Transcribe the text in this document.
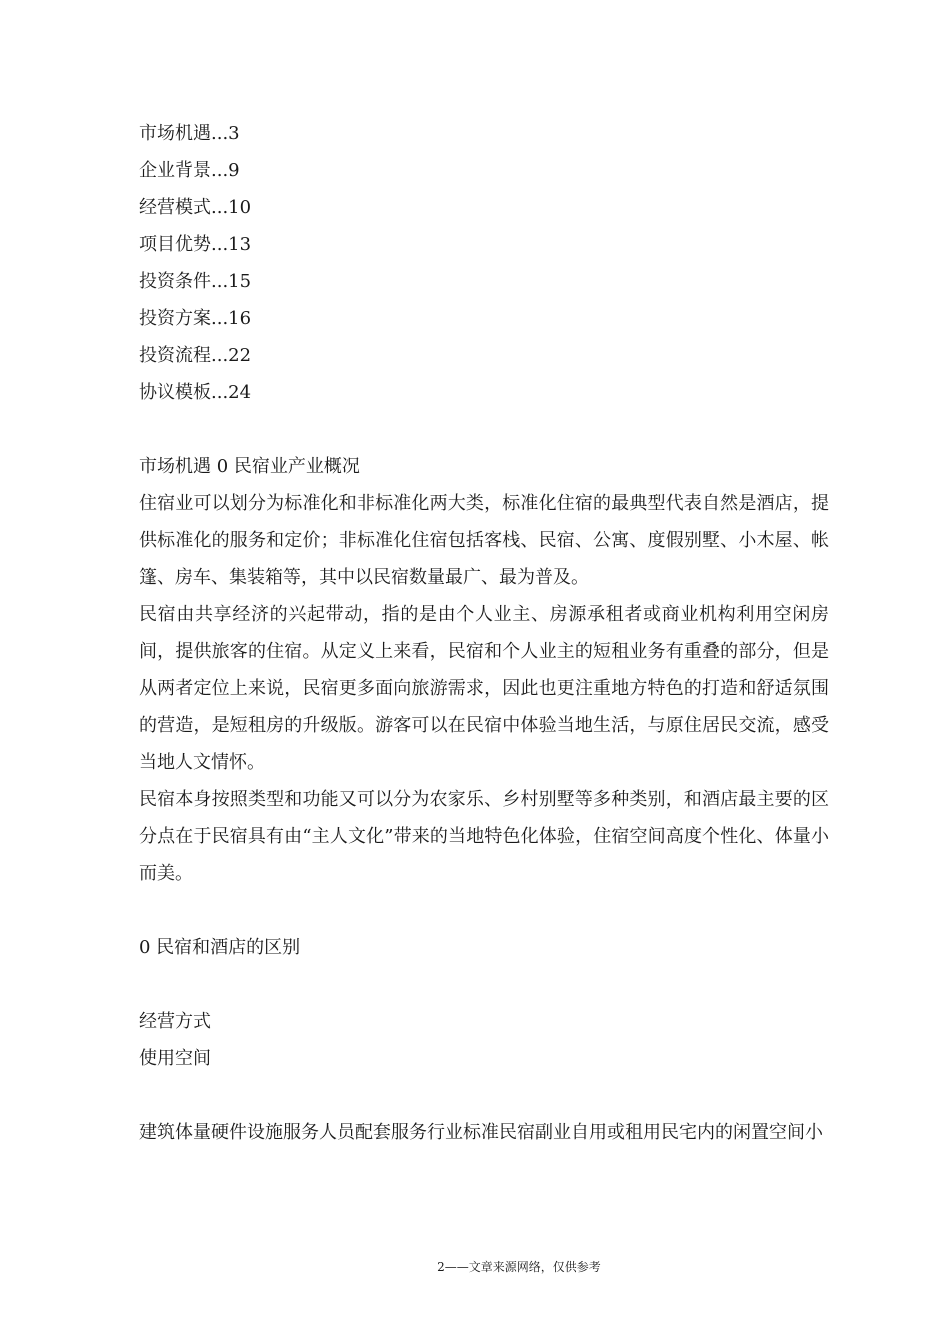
市场机遇...3
企业背景...9
经营模式...10
项目优势...13
投资条件...15
投资方案...16
投资流程...22
协议模板...24
市场机遇 0 民宿业产业概况

住宿业可以划分为标准化和非标准化两大类，标准化住宿的最典型代表自然是酒店，提供标准化的服务和定价；非标准化住宿包括客栈、民宿、公寓、度假别墅、小木屋、帐篷、房车、集装箱等，其中以民宿数量最广、最为普及。

民宿由共享经济的兴起带动，指的是由个人业主、房源承租者或商业机构利用空闲房间，提供旅客的住宿。从定义上来看，民宿和个人业主的短租业务有重叠的部分，但是从两者定位上来说，民宿更多面向旅游需求，因此也更注重地方特色的打造和舒适氛围的营造，是短租房的升级版。游客可以在民宿中体验当地生活，与原住居民交流，感受当地人文情怀。

民宿本身按照类型和功能又可以分为农家乐、乡村别墅等多种类别，和酒店最主要的区分点在于民宿具有由“主人文化”带来的当地特色化体验，住宿空间高度个性化、体量小而美。

0 民宿和酒店的区别

经营方式

使用空间

建筑体量硬件设施服务人员配套服务行业标准民宿副业自用或租用民宅内的闲置空间小

2——文章来源网络，仅供参考
